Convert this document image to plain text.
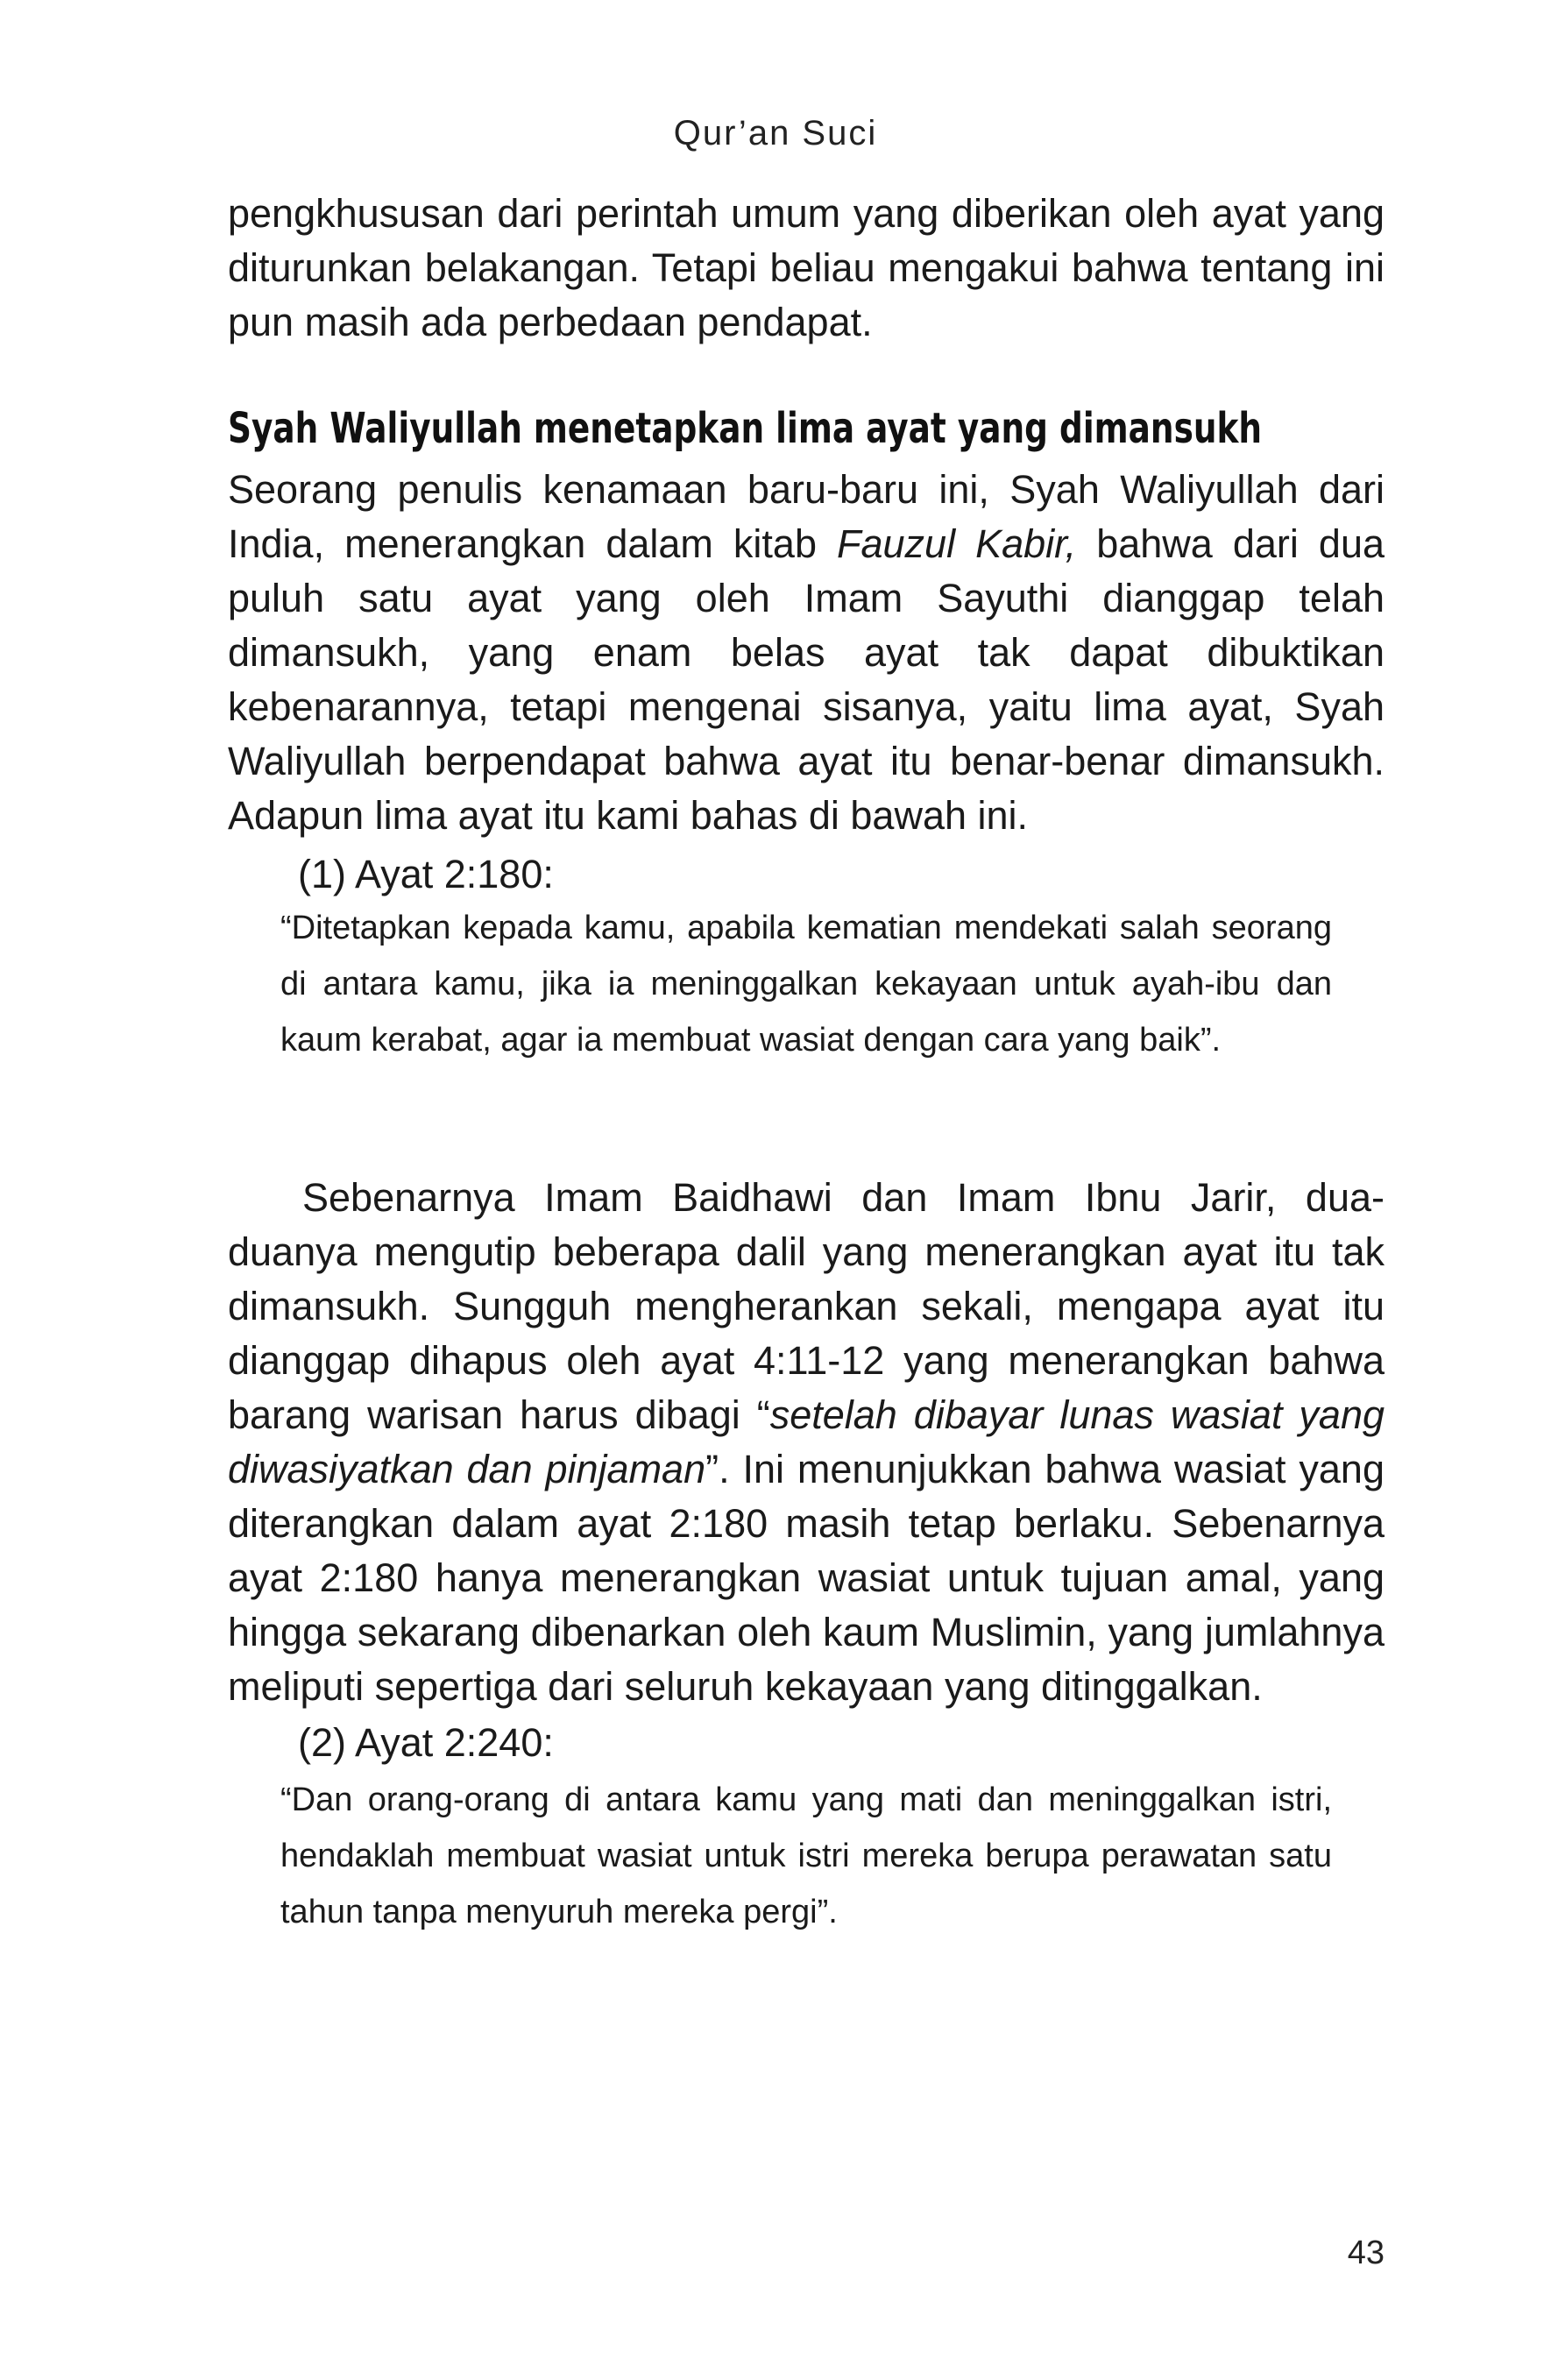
Qur’an Suci

pengkhususan dari perintah umum yang diberikan oleh ayat yang diturunkan belakangan. Tetapi beliau mengakui bahwa tentang ini pun masih ada perbedaan pendapat.

Syah Waliyullah menetapkan lima ayat yang dimansukh

Seorang penulis kenamaan baru-baru ini, Syah Waliyullah dari India, menerangkan dalam kitab Fauzul Kabir, bahwa dari dua puluh satu ayat yang oleh Imam Sayuthi dianggap telah dimansukh, yang enam belas ayat tak dapat dibuktikan kebenarannya, tetapi mengenai sisanya, yaitu lima ayat, Syah Waliyullah berpendapat bahwa ayat itu benar-benar dimansukh. Adapun lima ayat itu kami bahas di bawah ini.

(1) Ayat 2:180:

“Ditetapkan kepada kamu, apabila kematian mendekati salah seorang di antara kamu, jika ia meninggalkan kekayaan untuk ayah-ibu dan kaum kerabat, agar ia membuat wasiat dengan cara yang baik”.

Sebenarnya Imam Baidhawi dan Imam Ibnu Jarir, dua-duanya mengutip beberapa dalil yang menerangkan ayat itu tak dimansukh. Sungguh mengherankan sekali, mengapa ayat itu dianggap dihapus oleh ayat 4:11-12 yang menerangkan bahwa barang warisan harus dibagi “setelah dibayar lunas wasiat yang diwasiyatkan dan pinjaman”. Ini menunjukkan bahwa wasiat yang diterangkan dalam ayat 2:180 masih tetap berlaku. Sebenarnya ayat 2:180 hanya menerangkan wasiat untuk tujuan amal, yang hingga sekarang dibenarkan oleh kaum Muslimin, yang jumlahnya meliputi sepertiga dari seluruh kekayaan yang ditinggalkan.

(2) Ayat 2:240:

“Dan orang-orang di antara kamu yang mati dan meninggalkan istri, hendaklah membuat wasiat untuk istri mereka berupa perawatan satu tahun tanpa menyuruh mereka pergi”.

43
